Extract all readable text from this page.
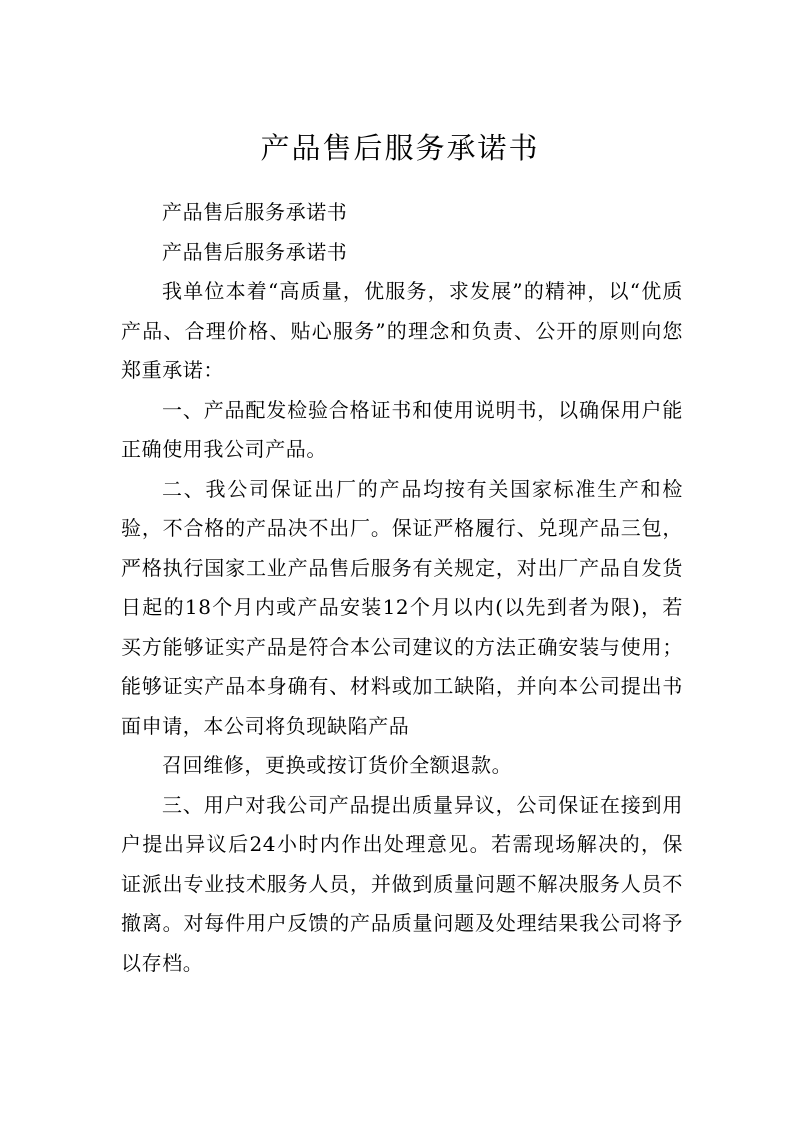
产品售后服务承诺书

产品售后服务承诺书

产品售后服务承诺书

我单位本着“高质量，优服务，求发展”的精神，以“优质产品、合理价格、贴心服务”的理念和负责、公开的原则向您郑重承诺：

一、产品配发检验合格证书和使用说明书，以确保用户能正确使用我公司产品。

二、我公司保证出厂的产品均按有关国家标准生产和检验，不合格的产品决不出厂。保证严格履行、兑现产品三包，严格执行国家工业产品售后服务有关规定，对出厂产品自发货日起的18个月内或产品安装12个月以内(以先到者为限)，若买方能够证实产品是符合本公司建议的方法正确安装与使用；能够证实产品本身确有、材料或加工缺陷，并向本公司提出书面申请，本公司将负现缺陷产品

召回维修，更换或按订货价全额退款。

三、用户对我公司产品提出质量异议，公司保证在接到用户提出异议后24小时内作出处理意见。若需现场解决的，保证派出专业技术服务人员，并做到质量问题不解决服务人员不撤离。对每件用户反馈的产品质量问题及处理结果我公司将予以存档。
